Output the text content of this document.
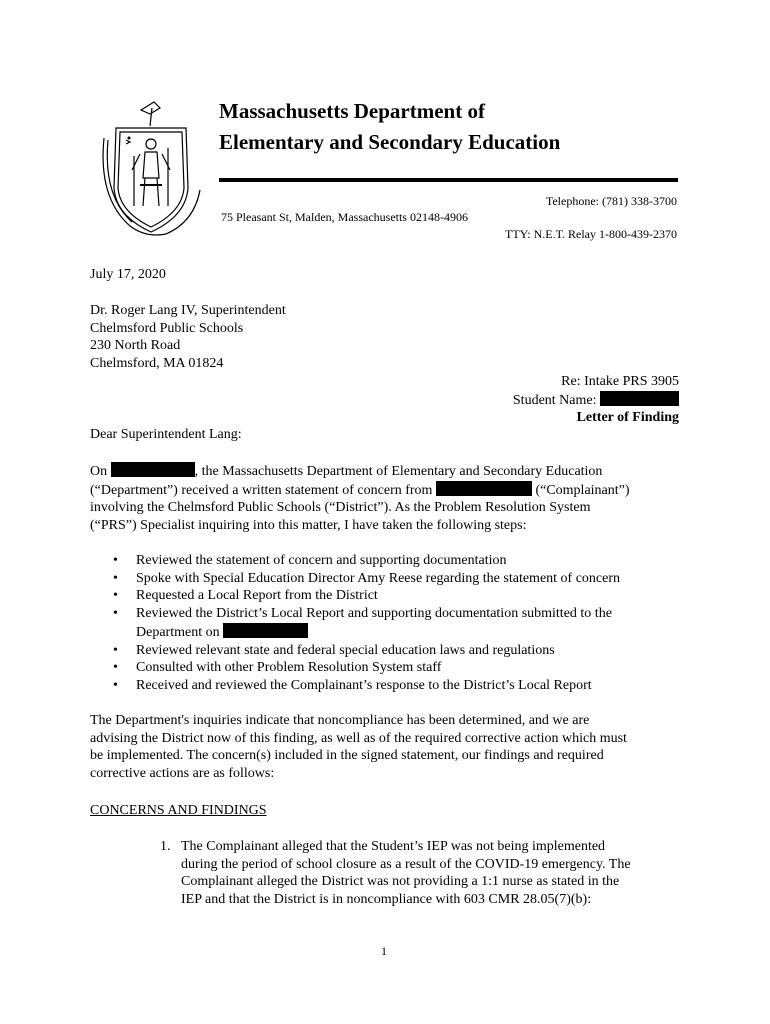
Massachusetts Department of
Elementary and Secondary Education
Telephone: (781) 338-3700
75 Pleasant St, Malden, Massachusetts 02148-4906
TTY: N.E.T. Relay 1-800-439-2370
July 17, 2020
Dr. Roger Lang IV, Superintendent
Chelmsford Public Schools
230 North Road
Chelmsford, MA 01824
Re: Intake PRS 3905
Student Name:
Letter of Finding
Dear Superintendent Lang:
On	, the Massachusetts Department of Elementary and Secondary Education
(“Department”) received a written statement of concern from	(“Complainant”)
involving the Chelmsford Public Schools (“District”). As the Problem Resolution System
(“PRS”) Specialist inquiring into this matter, I have taken the following steps:
• Reviewed the statement of concern and supporting documentation
• Spoke with Special Education Director Amy Reese regarding the statement of concern
• Requested a Local Report from the District
• Reviewed the District’s Local Report and supporting documentation submitted to the
Department on
• Reviewed relevant state and federal special education laws and regulations
• Consulted with other Problem Resolution System staff
• Received and reviewed the Complainant’s response to the District’s Local Report
The Department's inquiries indicate that noncompliance has been determined, and we are
advising the District now of this finding, as well as of the required corrective action which must
be implemented. The concern(s) included in the signed statement, our findings and required
corrective actions are as follows:
CONCERNS AND FINDINGS
1. The Complainant alleged that the Student’s IEP was not being implemented
during the period of school closure as a result of the COVID-19 emergency. The
Complainant alleged the District was not providing a 1:1 nurse as stated in the
IEP and that the District is in noncompliance with 603 CMR 28.05(7)(b):
1
